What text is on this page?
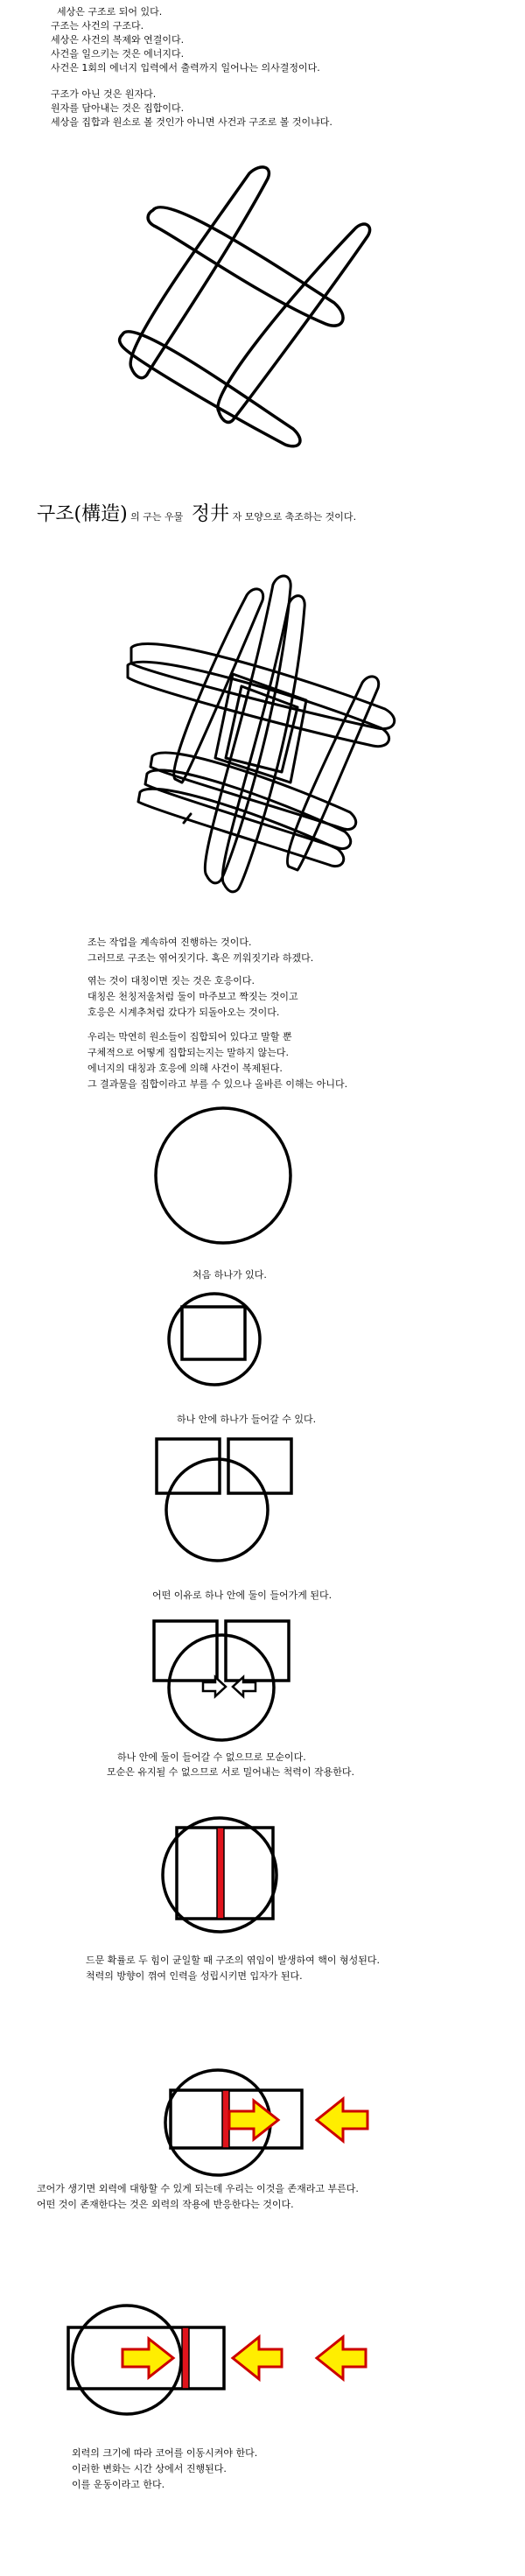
세상은 구조로 되어 있다.
구조는 사건의 구조다.
세상은 사건의 복제와 연결이다.
사건을 일으키는 것은 에너지다.
사건은 1회의 에너지 입력에서 출력까지 일어나는 의사결정이다.
구조가 아닌 것은 원자다.
원자를 담아내는 것은 집합이다.
세상을 집합과 원소로 볼 것인가 아니면 사건과 구조로 볼 것이냐다.
구조(構造) 의 구는 우물 정井 자 모양으로 축조하는 것이다.
조는 작업을 계속하여 진행하는 것이다.
그러므로 구조는 엮어짓기다. 혹은 끼워짓기라 하겠다.
엮는 것이 대칭이면 짓는 것은 호응이다.
대칭은 천칭저울처럼 둘이 마주보고 짝짓는 것이고
호응은 시계추처럼 갔다가 되돌아오는 것이다.
우리는 막연히 원소들이 집합되어 있다고 말할 뿐
구체적으로 어떻게 집합되는지는 말하지 않는다.
에너지의 대칭과 호응에 의해 사건이 복제된다.
그 결과물을 집합이라고 부를 수 있으나 올바른 이해는 아니다.
처음 하나가 있다.
하나 안에 하나가 들어갈 수 있다.
어떤 이유로 하나 안에 둘이 들어가게 된다.
하나 안에 둘이 들어갈 수 없으므로 모순이다.
모순은 유지될 수 없으므로 서로 밀어내는 척력이 작용한다.
드문 확률로 두 힘이 균일할 때 구조의 엮임이 발생하여 핵이 형성된다.
척력의 방향이 꺾여 인력을 성립시키면 입자가 된다.
코어가 생기면 외력에 대항할 수 있게 되는데 우리는 이것을 존재라고 부른다.
어떤 것이 존재한다는 것은 외력의 작용에 반응한다는 것이다.
외력의 크기에 따라 코어를 이동시켜야 한다.
이러한 변화는 시간 상에서 진행된다.
이를 운동이라고 한다.
